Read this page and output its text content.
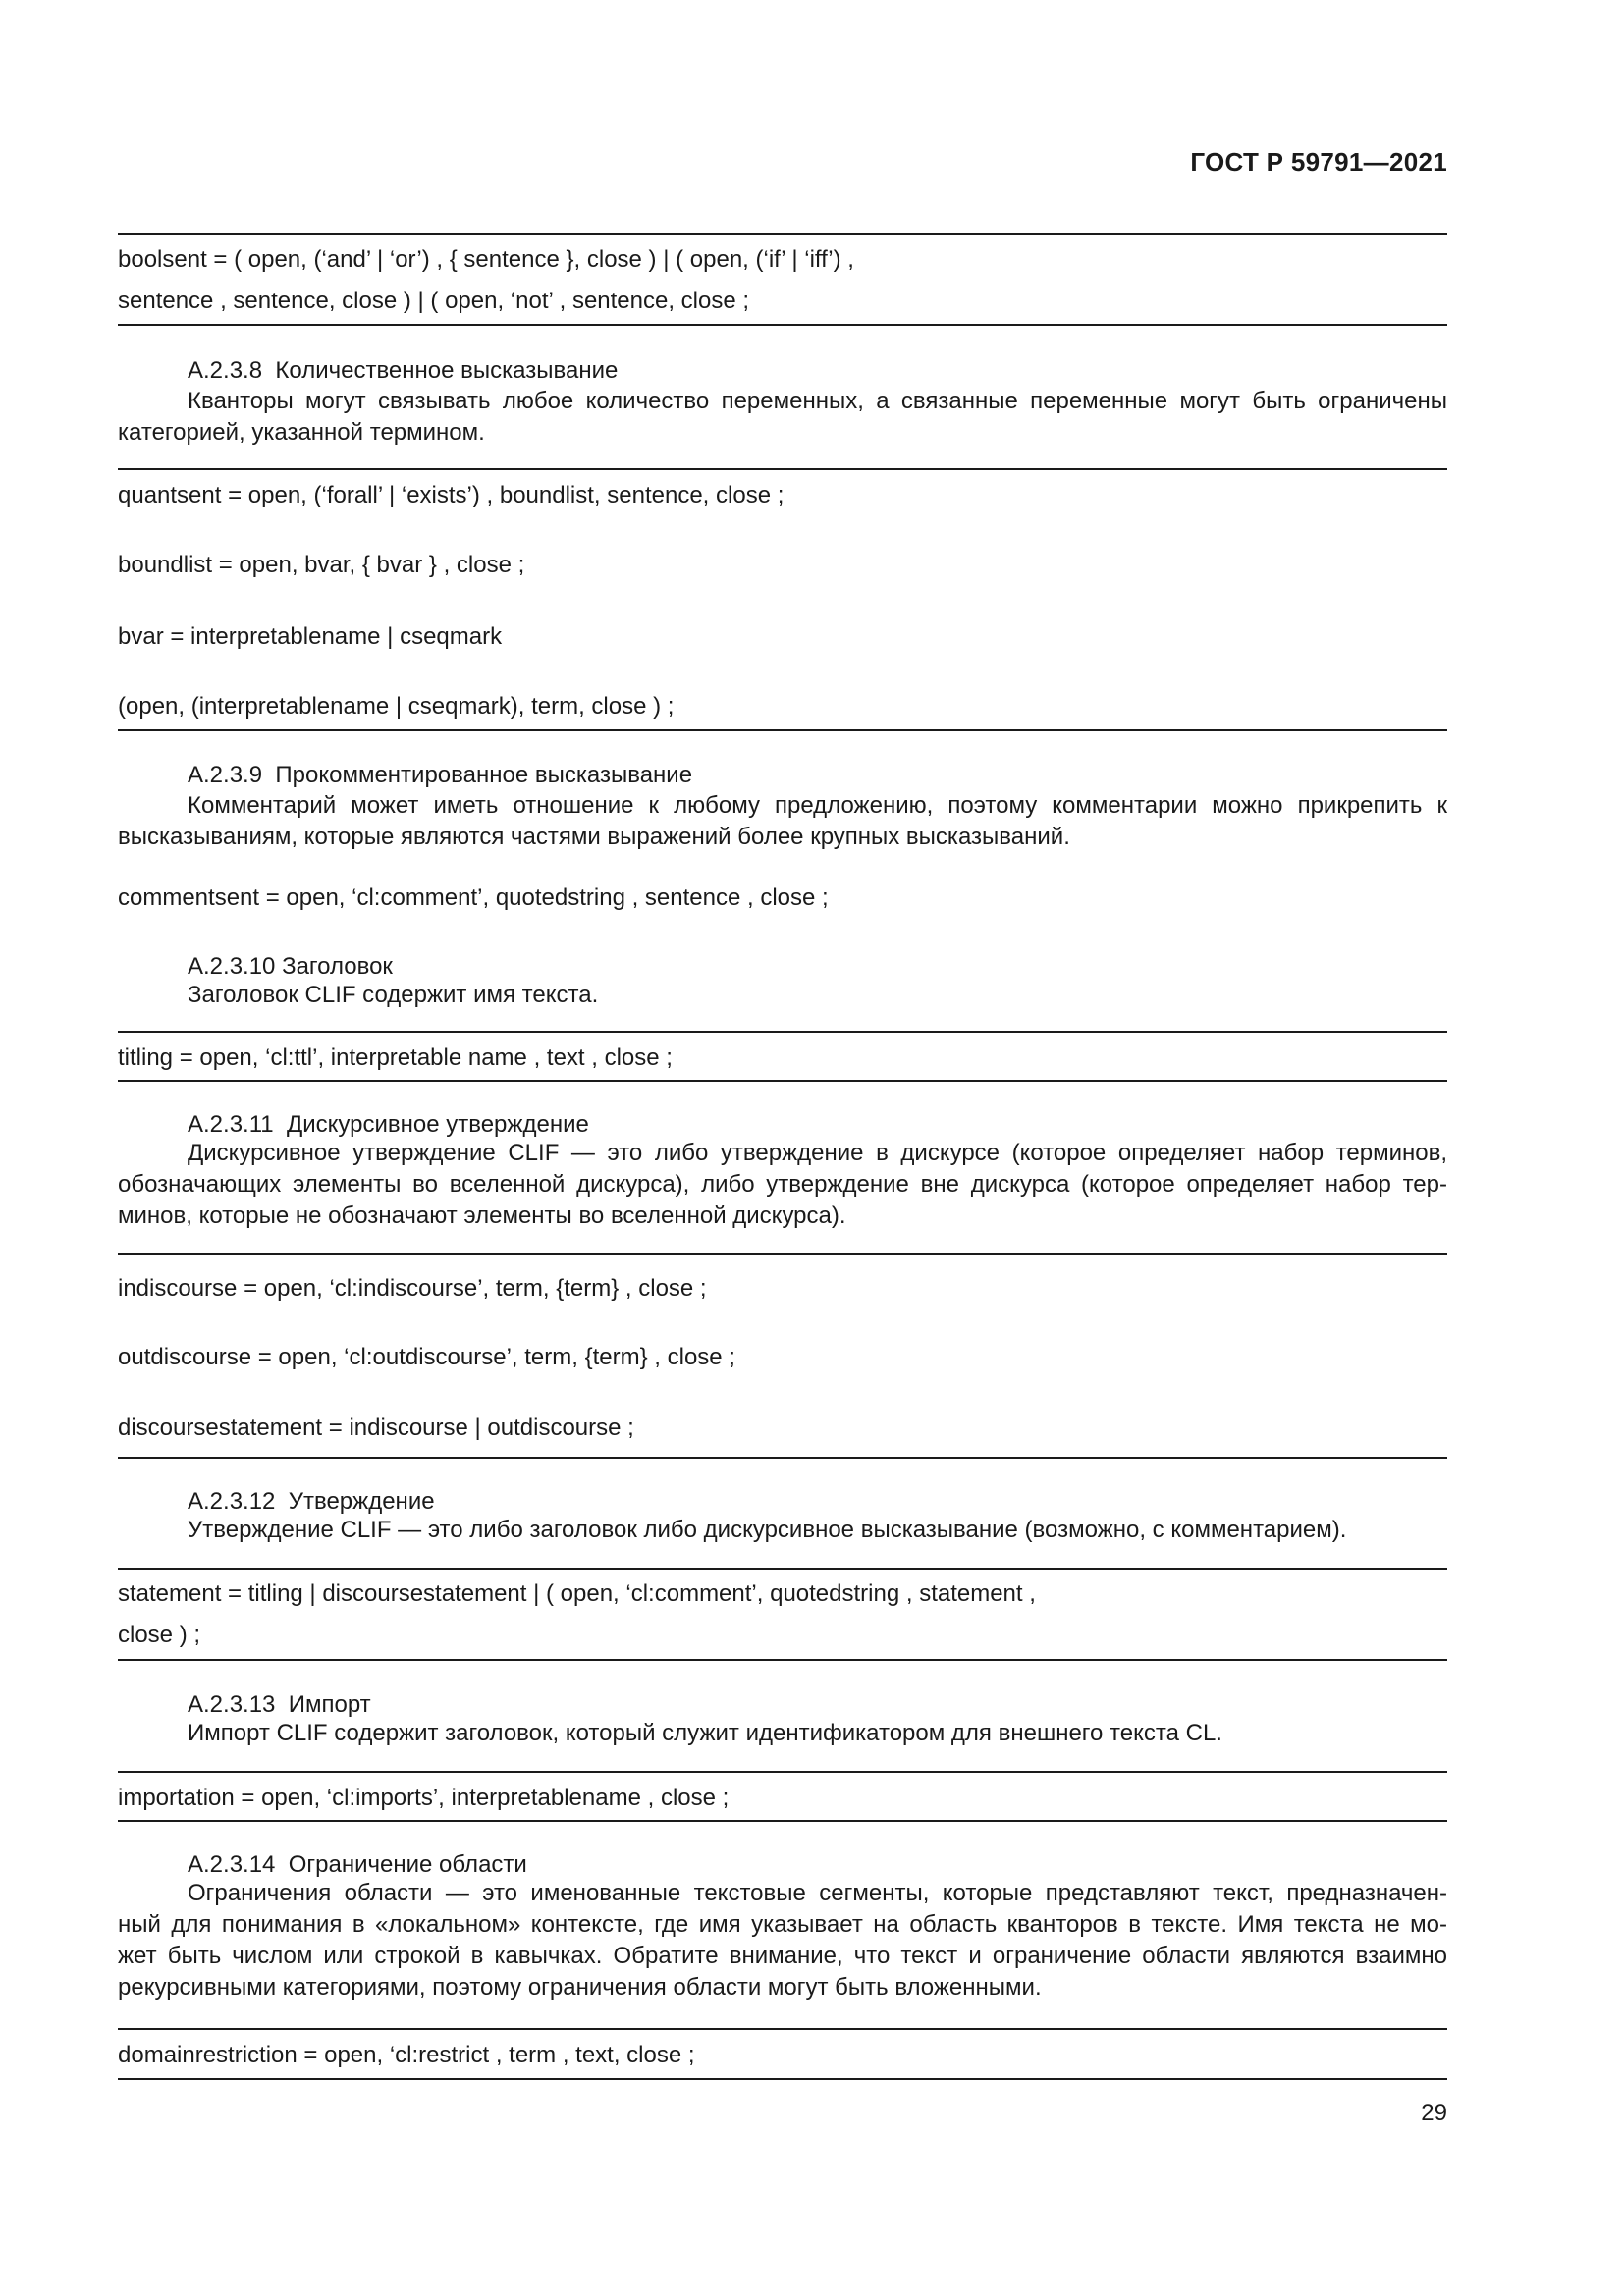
ГОСТ Р 59791—2021
boolsent = ( open, (‘and’ | ‘or’) , { sentence }, close ) | ( open, (‘if’ | ‘iff’) ,
sentence , sentence, close ) | ( open, ‘not’ , sentence, close ;
А.2.3.8  Количественное высказывание
Кванторы могут связывать любое количество переменных, а связанные переменные могут быть ограничены
категорией, указанной термином.
quantsent = open, (‘forall’ | ‘exists’) , boundlist, sentence, close ;
boundlist = open, bvar, { bvar } , close ;
bvar = interpretablename | cseqmark
(open, (interpretablename | cseqmark), term, close ) ;
А.2.3.9  Прокомментированное высказывание
Комментарий может иметь отношение к любому предложению, поэтому комментарии можно прикрепить к
высказываниям, которые являются частями выражений более крупных высказываний.
commentsent = open, ‘cl:comment’, quotedstring , sentence , close ;
А.2.3.10 Заголовок
Заголовок CLIF содержит имя текста.
titling = open, ‘cl:ttl’, interpretable name , text , close ;
А.2.3.11  Дискурсивное утверждение
Дискурсивное утверждение CLIF — это либо утверждение в дискурсе (которое определяет набор терминов,
обозначающих элементы во вселенной дискурса), либо утверждение вне дискурса (которое определяет набор тер-
минов, которые не обозначают элементы во вселенной дискурса).
indiscourse = open, ‘cl:indiscourse’, term, {term} , close ;
outdiscourse = open, ‘cl:outdiscourse’, term, {term} , close ;
discoursestatement = indiscourse | outdiscourse ;
А.2.3.12  Утверждение
Утверждение CLIF — это либо заголовок либо дискурсивное высказывание (возможно, с комментарием).
statement = titling | discoursestatement | ( open, ‘cl:comment’, quotedstring , statement ,
close ) ;
А.2.3.13  Импорт
Импорт CLIF содержит заголовок, который служит идентификатором для внешнего текста CL.
importation = open, ‘cl:imports’, interpretablename , close ;
А.2.3.14  Ограничение области
Ограничения области — это именованные текстовые сегменты, которые представляют текст, предназначен-
ный для понимания в «локальном» контексте, где имя указывает на область кванторов в тексте. Имя текста не мо-
жет быть числом или строкой в кавычках. Обратите внимание, что текст и ограничение области являются взаимно
рекурсивными категориями, поэтому ограничения области могут быть вложенными.
domainrestriction = open, ‘cl:restrict , term , text, close ;
29
